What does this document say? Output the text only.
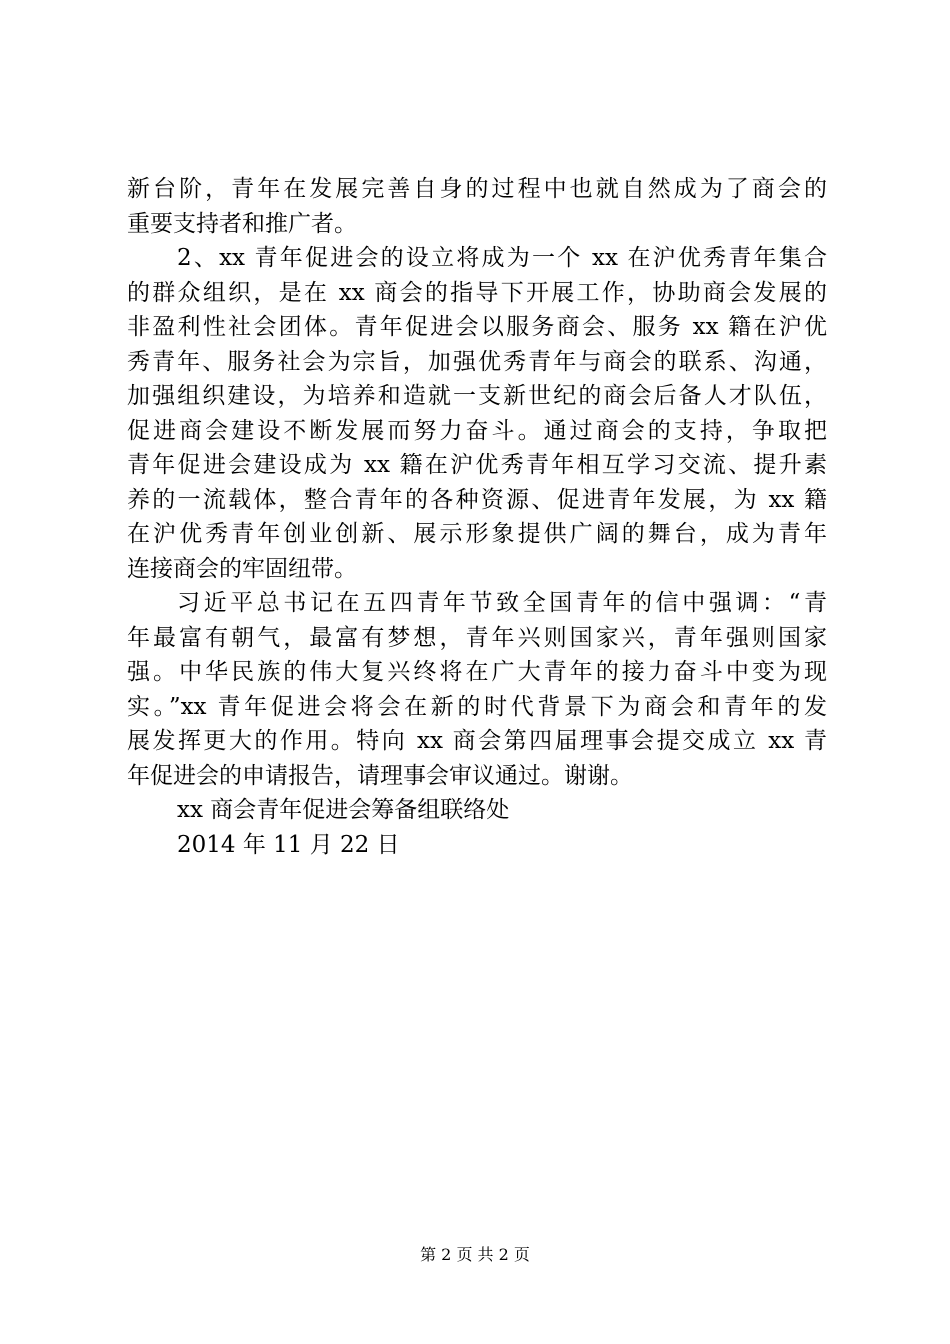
新台阶，青年在发展完善自身的过程中也就自然成为了商会的
重要支持者和推广者。
2、xx 青年促进会的设立将成为一个 xx 在沪优秀青年集合
的群众组织，是在 xx 商会的指导下开展工作，协助商会发展的
非盈利性社会团体。青年促进会以服务商会、服务 xx 籍在沪优
秀青年、服务社会为宗旨，加强优秀青年与商会的联系、沟通，
加强组织建设，为培养和造就一支新世纪的商会后备人才队伍，
促进商会建设不断发展而努力奋斗。通过商会的支持，争取把
青年促进会建设成为 xx 籍在沪优秀青年相互学习交流、提升素
养的一流载体，整合青年的各种资源、促进青年发展，为 xx 籍
在沪优秀青年创业创新、展示形象提供广阔的舞台，成为青年
连接商会的牢固纽带。
习近平总书记在五四青年节致全国青年的信中强调：“青
年最富有朝气，最富有梦想，青年兴则国家兴，青年强则国家
强。中华民族的伟大复兴终将在广大青年的接力奋斗中变为现
实。”xx 青年促进会将会在新的时代背景下为商会和青年的发
展发挥更大的作用。特向 xx 商会第四届理事会提交成立 xx 青
年促进会的申请报告，请理事会审议通过。谢谢。
xx 商会青年促进会筹备组联络处
2014 年 11 月 22 日
第 2 页 共 2 页
